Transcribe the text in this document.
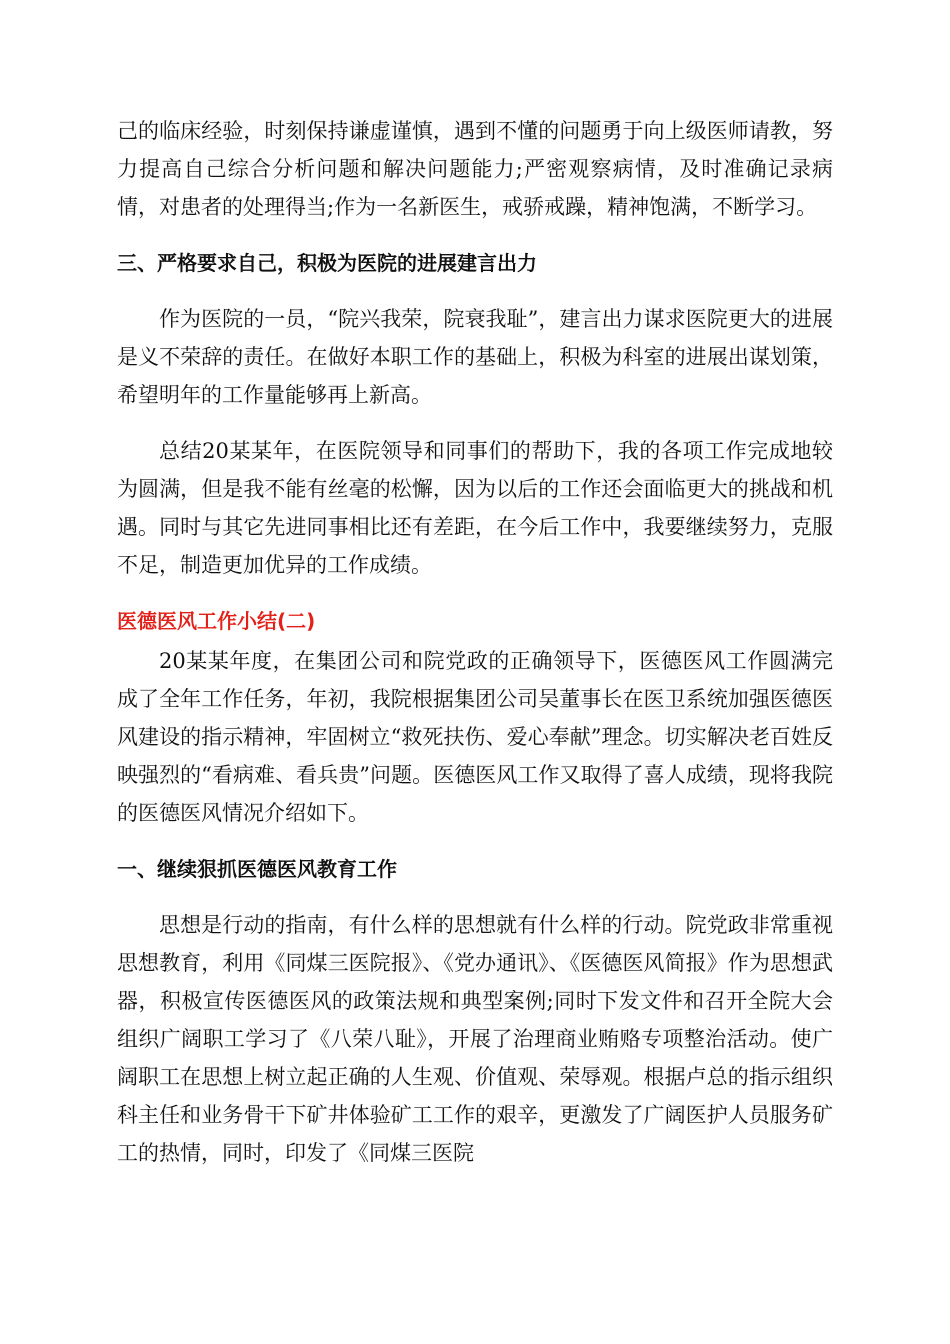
己的临床经验，时刻保持谦虚谨慎，遇到不懂的问题勇于向上级医师请教，努力提高自己综合分析问题和解决问题能力;严密观察病情，及时准确记录病情，对患者的处理得当;作为一名新医生，戒骄戒躁，精神饱满，不断学习。

三、严格要求自己，积极为医院的进展建言出力

作为医院的一员，“院兴我荣，院衰我耻”，建言出力谋求医院更大的进展是义不荣辞的责任。在做好本职工作的基础上，积极为科室的进展出谋划策，希望明年的工作量能够再上新高。

总结20某某年，在医院领导和同事们的帮助下，我的各项工作完成地较为圆满，但是我不能有丝毫的松懈，因为以后的工作还会面临更大的挑战和机遇。同时与其它先进同事相比还有差距，在今后工作中，我要继续努力，克服不足，制造更加优异的工作成绩。

医德医风工作小结(二)

20某某年度，在集团公司和院党政的正确领导下，医德医风工作圆满完成了全年工作任务，年初，我院根据集团公司吴董事长在医卫系统加强医德医风建设的指示精神，牢固树立“救死扶伤、爱心奉献”理念。切实解决老百姓反映强烈的“看病难、看兵贵”问题。医德医风工作又取得了喜人成绩，现将我院的医德医风情况介绍如下。

一、继续狠抓医德医风教育工作

思想是行动的指南，有什么样的思想就有什么样的行动。院党政非常重视思想教育，利用《同煤三医院报》、《党办通讯》、《医德医风简报》作为思想武器，积极宣传医德医风的政策法规和典型案例;同时下发文件和召开全院大会组织广阔职工学习了《八荣八耻》，开展了治理商业贿赂专项整治活动。使广阔职工在思想上树立起正确的人生观、价值观、荣辱观。根据卢总的指示组织科主任和业务骨干下矿井体验矿工工作的艰辛，更激发了广阔医护人员服务矿工的热情，同时，印发了《同煤三医院
